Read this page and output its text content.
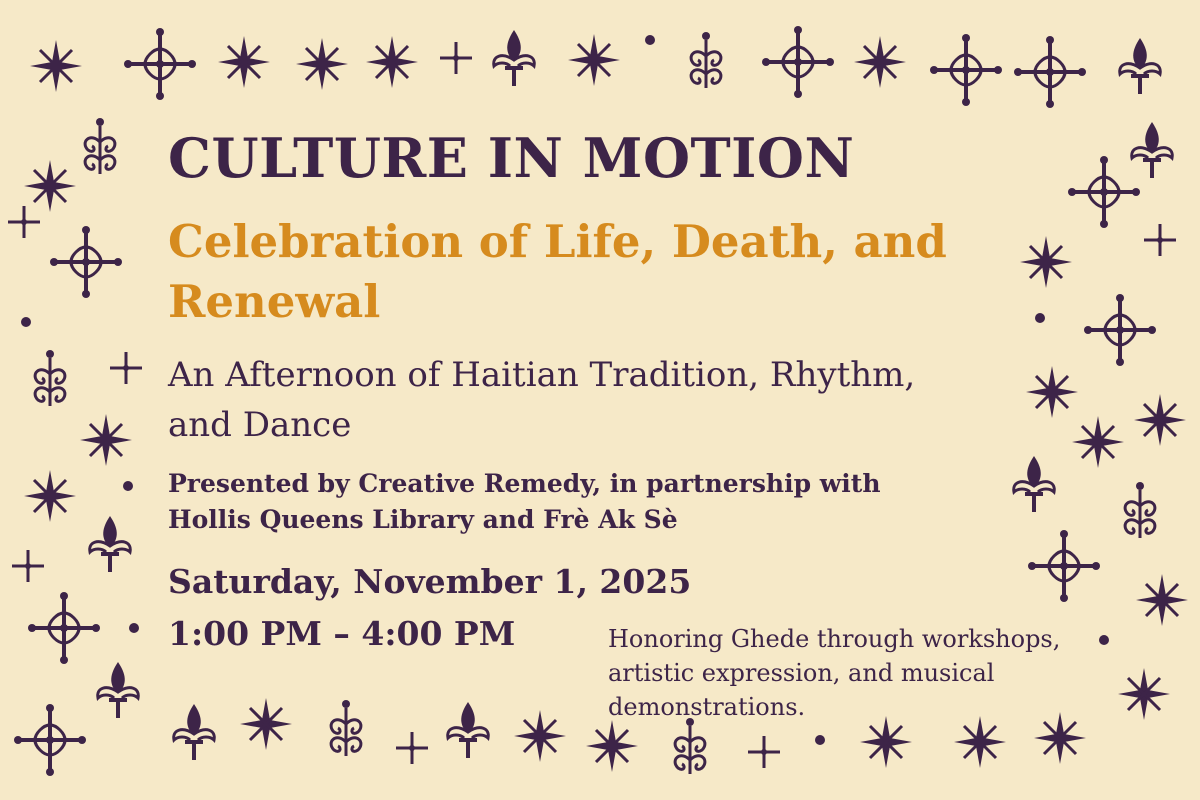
CULTURE IN MOTION
Celebration of Life, Death, and Renewal

An Afternoon of Haitian Tradition, Rhythm, and Dance

Presented by Creative Remedy, in partnership with Hollis Queens Library and Frè Ak Sè

Saturday, November 1, 2025

1:00 PM – 4:00 PM	Honoring Ghede through workshops, artistic expression, and musical demonstrations.
